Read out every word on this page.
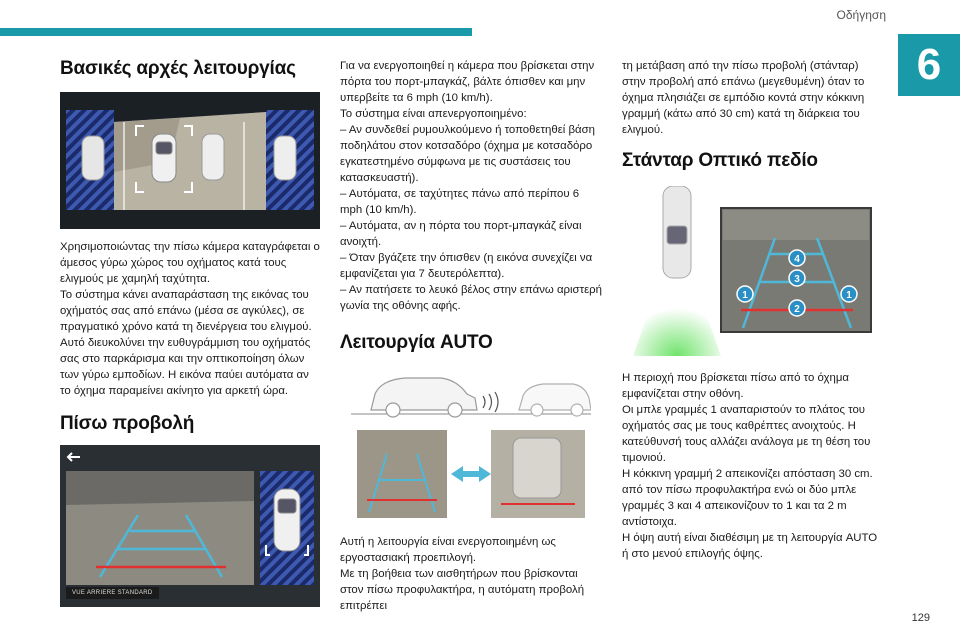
Οδήγηση
6
129
Βασικές αρχές λειτουργίας

Χρησιμοποιώντας την πίσω κάμερα καταγράφεται ο άμεσος γύρω χώρος του οχήματος κατά τους ελιγμούς με χαμηλή ταχύτητα.

Το σύστημα κάνει αναπαράσταση της εικόνας του οχήματός σας από επάνω (μέσα σε αγκύλες), σε πραγματικό χρόνο κατά τη διενέργεια του ελιγμού.

Αυτό διευκολύνει την ευθυγράμμιση του οχήματός σας στο παρκάρισμα και την οπτικοποίηση όλων των γύρω εμποδίων. Η εικόνα παύει αυτόματα αν το όχημα παραμείνει ακίνητο για αρκετή ώρα.

Πίσω προβολή
VUE ARRIERE STANDARD

Για να ενεργοποιηθεί η κάμερα που βρίσκεται στην πόρτα του πορτ-μπαγκάζ, βάλτε όπισθεν και μην υπερβείτε τα 6 mph (10 km/h).

Το σύστημα είναι απενεργοποιημένο:

– Αν συνδεθεί ρυμουλκούμενο ή τοποθετηθεί βάση ποδηλάτου στον κοτσαδόρο (όχημα με κοτσαδόρο εγκατεστημένο σύμφωνα με τις συστάσεις του κατασκευαστή).

– Αυτόματα, σε ταχύτητες πάνω από περίπου 6 mph (10 km/h).

– Αυτόματα, αν η πόρτα του πορτ-μπαγκάζ είναι ανοιχτή.

– Όταν βγάζετε την όπισθεν (η εικόνα συνεχίζει να εμφανίζεται για 7 δευτερόλεπτα).

– Αν πατήσετε το λευκό βέλος στην επάνω αριστερή γωνία της οθόνης αφής.

Λειτουργία AUTO

Αυτή η λειτουργία είναι ενεργοποιημένη ως εργοστασιακή προεπιλογή.

Με τη βοήθεια των αισθητήρων που βρίσκονται στον πίσω προφυλακτήρα, η αυτόματη προβολή επιτρέπει

τη μετάβαση από την πίσω προβολή (στάνταρ) στην προβολή από επάνω (μεγεθυμένη) όταν το όχημα πλησιάζει σε εμπόδιο κοντά στην κόκκινη γραμμή (κάτω από 30 cm) κατά τη διάρκεια του ελιγμού.

Στάνταρ Οπτικό πεδίο
1	1
2
3
4

Η περιοχή που βρίσκεται πίσω από το όχημα εμφανίζεται στην οθόνη.

Οι μπλε γραμμές 1 αναπαριστούν το πλάτος του οχήματός σας με τους καθρέπτες ανοιχτούς. Η κατεύθυνσή τους αλλάζει ανάλογα με τη θέση του τιμονιού.

Η κόκκινη γραμμή 2 απεικονίζει απόσταση 30 cm. από τον πίσω προφυλακτήρα ενώ οι δύο μπλε γραμμές 3 και 4 απεικονίζουν το 1 και τα 2 m αντίστοιχα.

Η όψη αυτή είναι διαθέσιμη με τη λειτουργία AUTO ή στο μενού επιλογής όψης.
